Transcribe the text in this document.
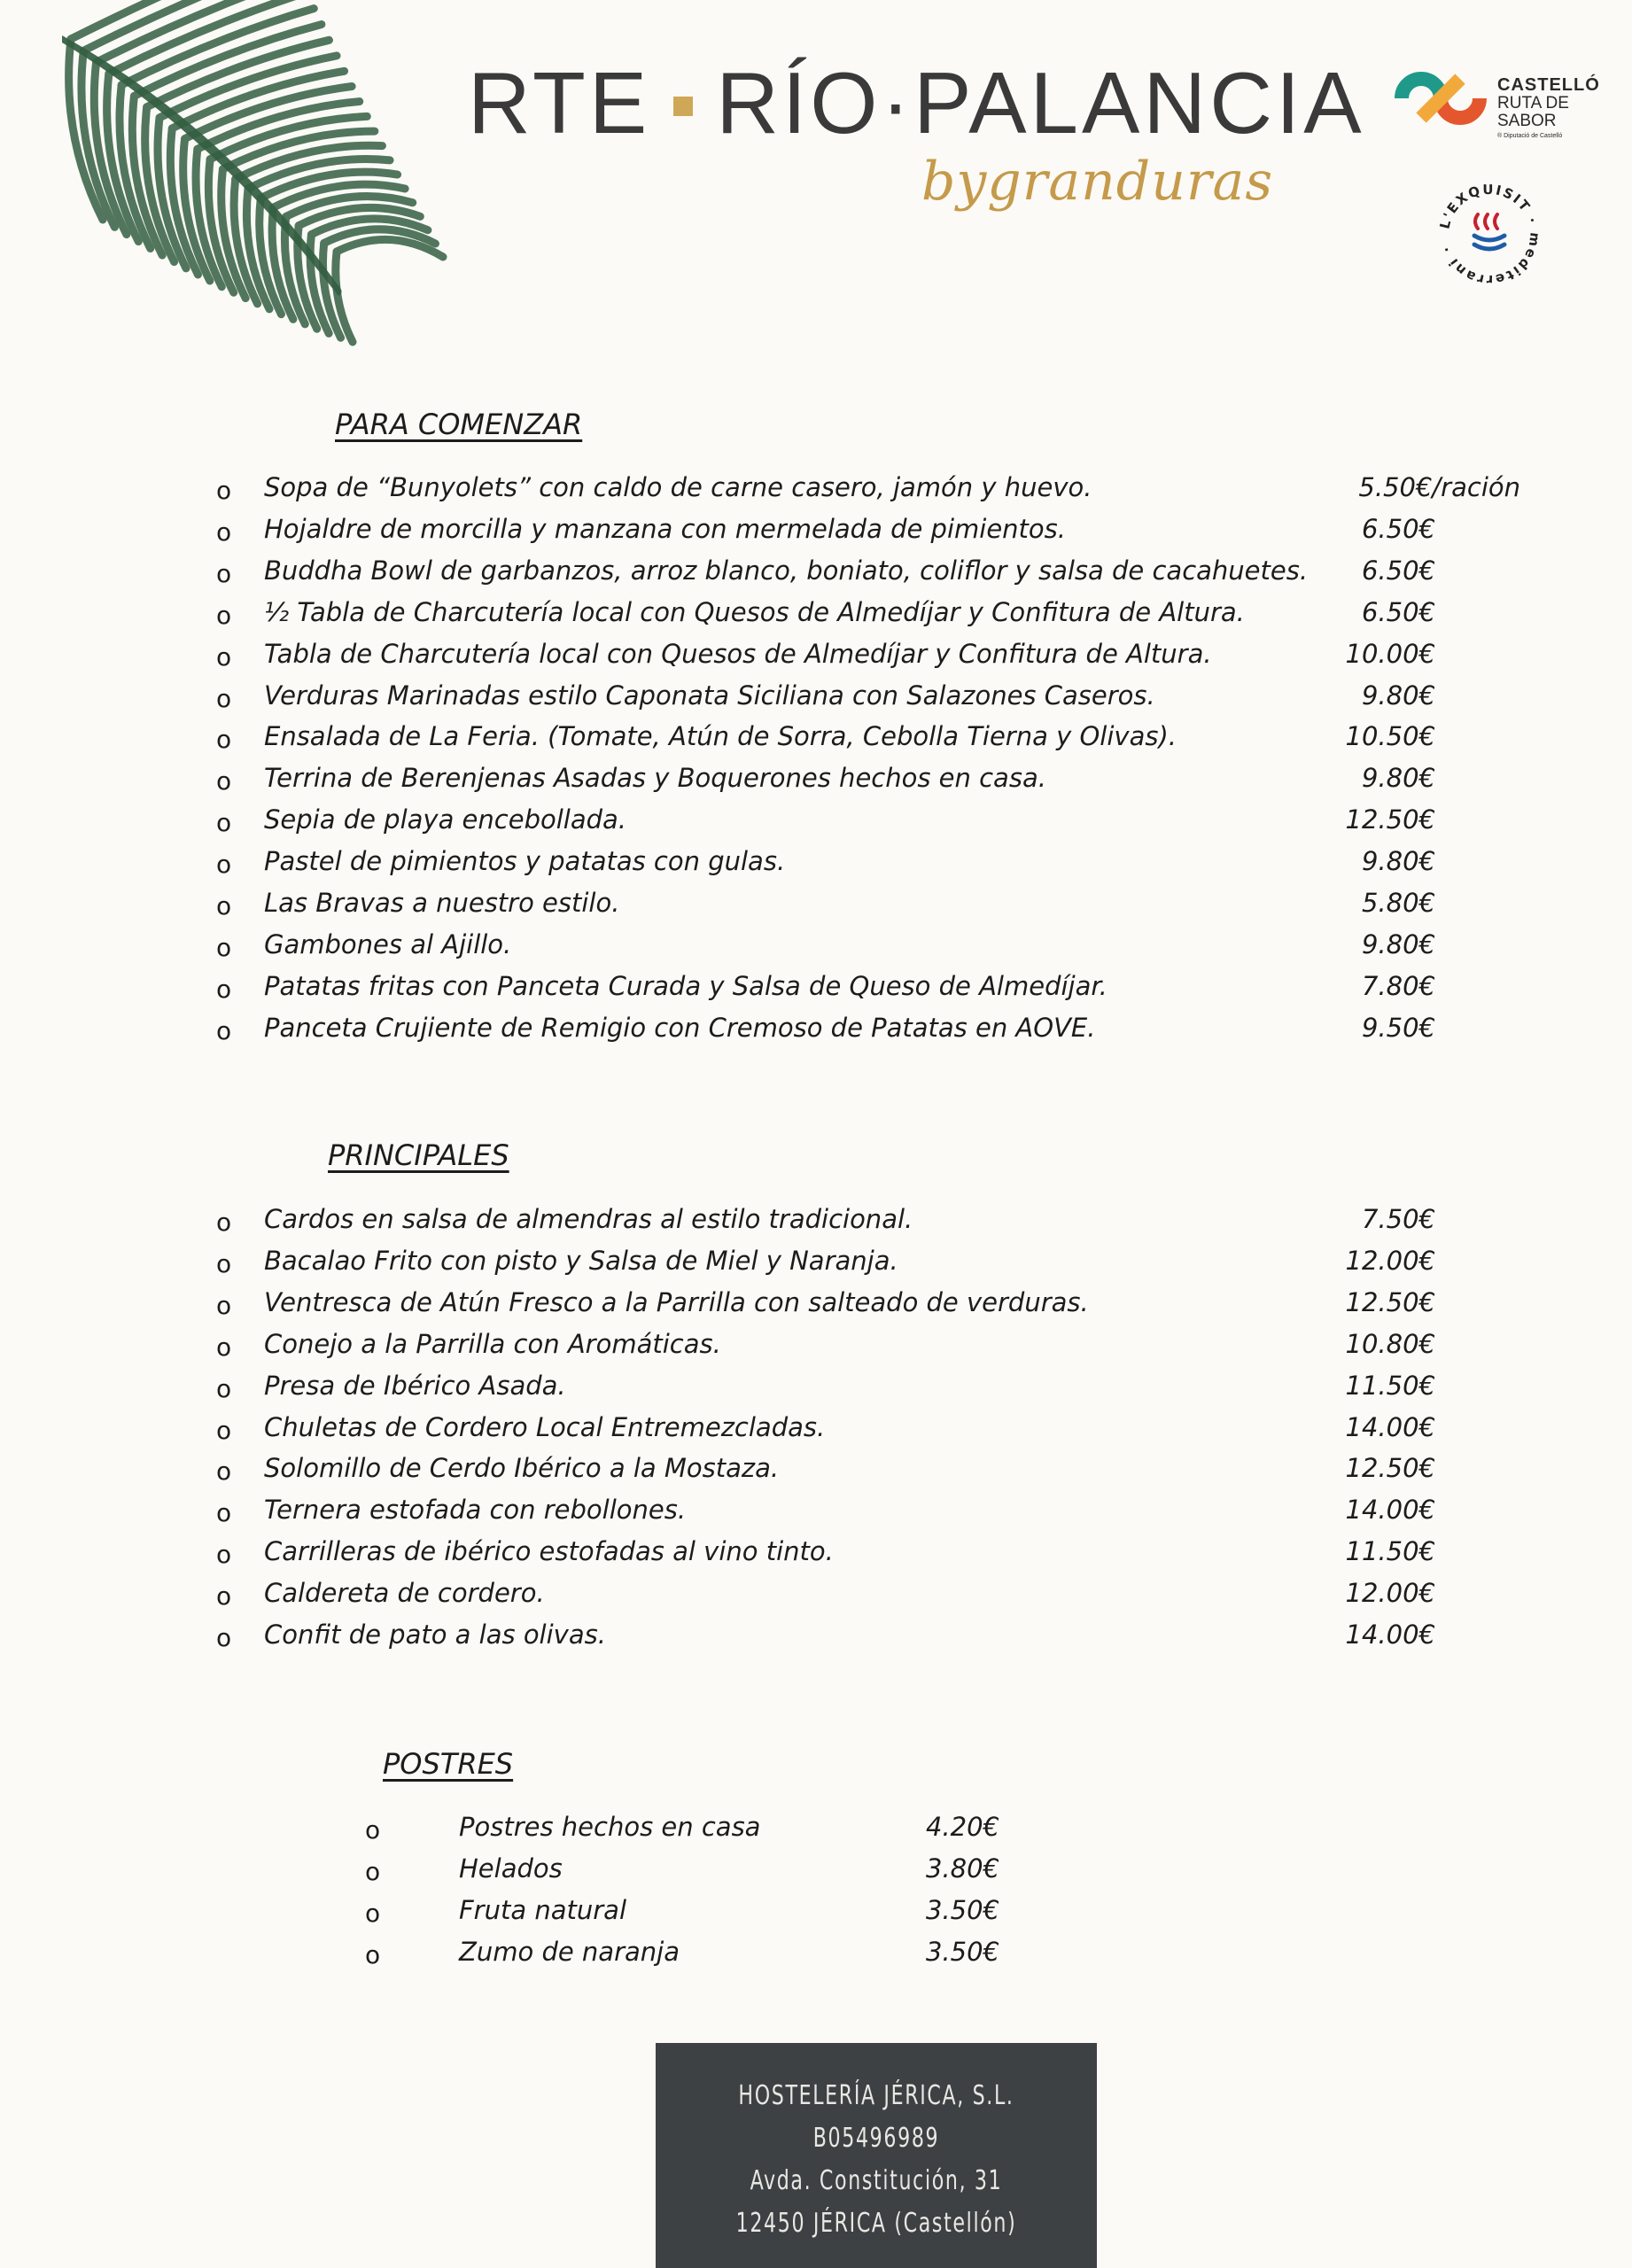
RTE RÍO·PALANCIA
bygranduras
CASTELLÓ
RUTA DE
SABOR
® Diputació de Castelló
L'EXQUISIT · mediterrani ·
PARA COMENZAR
o Sopa de “Bunyolets” con caldo de carne casero, jamón y huevo.	5.50€/ración
o Hojaldre de morcilla y manzana con mermelada de pimientos.	6.50€
o Buddha Bowl de garbanzos, arroz blanco, boniato, coliflor y salsa de cacahuetes. 6.50€
o ½ Tabla de Charcutería local con Quesos de Almedíjar y Confitura de Altura.	6.50€
o Tabla de Charcutería local con Quesos de Almedíjar y Confitura de Altura.	10.00€
o Verduras Marinadas estilo Caponata Siciliana con Salazones Caseros.	9.80€
o Ensalada de La Feria. (Tomate, Atún de Sorra, Cebolla Tierna y Olivas).	10.50€
o Terrina de Berenjenas Asadas y Boquerones hechos en casa.	9.80€
o Sepia de playa encebollada.	12.50€
o Pastel de pimientos y patatas con gulas.	9.80€
o Las Bravas a nuestro estilo.	5.80€
o Gambones al Ajillo.	9.80€
o Patatas fritas con Panceta Curada y Salsa de Queso de Almedíjar.	7.80€
o Panceta Crujiente de Remigio con Cremoso de Patatas en AOVE.	9.50€
PRINCIPALES
o Cardos en salsa de almendras al estilo tradicional.	7.50€
o Bacalao Frito con pisto y Salsa de Miel y Naranja.	12.00€
o Ventresca de Atún Fresco a la Parrilla con salteado de verduras.	12.50€
o Conejo a la Parrilla con Aromáticas.	10.80€
o Presa de Ibérico Asada.	11.50€
o Chuletas de Cordero Local Entremezcladas.	14.00€
o Solomillo de Cerdo Ibérico a la Mostaza.	12.50€
o Ternera estofada con rebollones.	14.00€
o Carrilleras de ibérico estofadas al vino tinto.	11.50€
o Caldereta de cordero.	12.00€
o Confit de pato a las olivas.	14.00€
POSTRES
o	Postres hechos en casa	4.20€
o	Helados	3.80€
o	Fruta natural	3.50€
o	Zumo de naranja	3.50€
HOSTELERÍA JÉRICA, S.L.
B05496989
Avda. Constitución, 31
12450 JÉRICA (Castellón)
